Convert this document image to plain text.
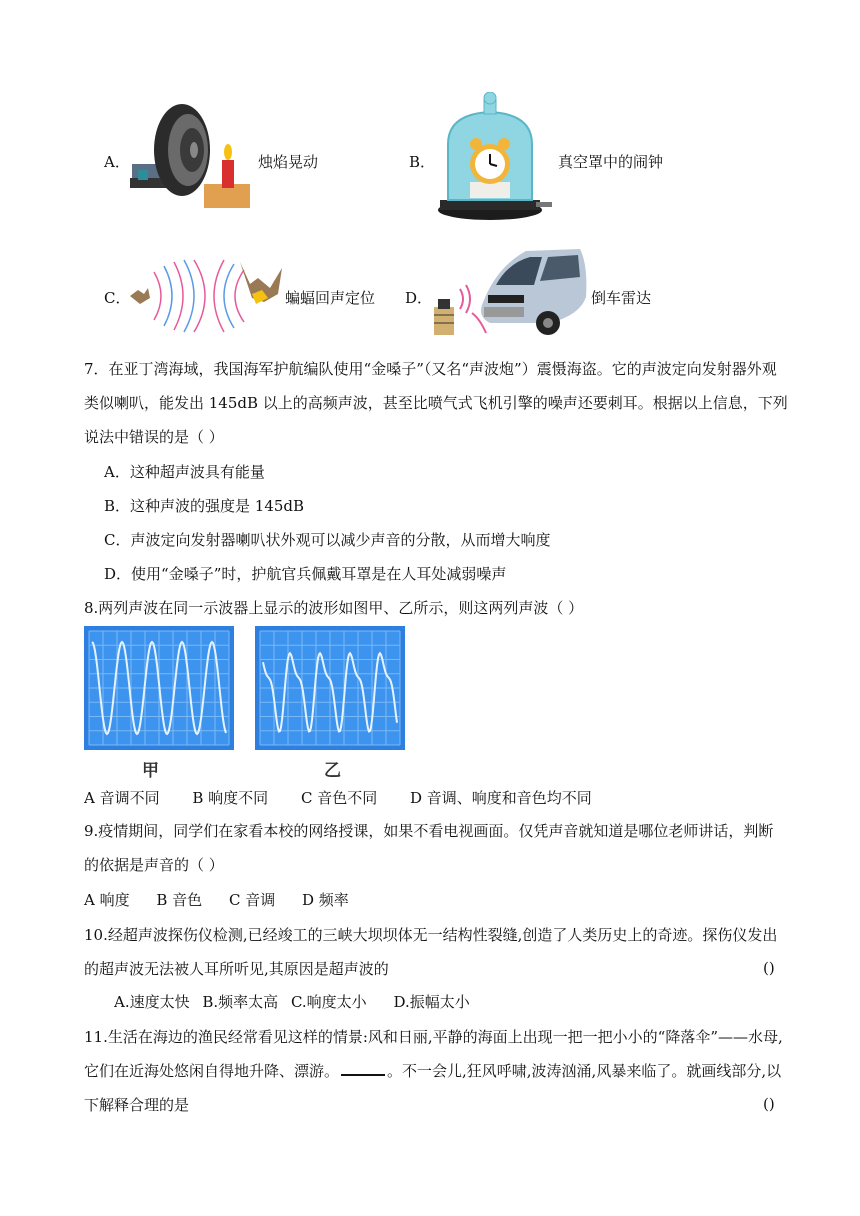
A．	烛焰晃动	B．	真空罩中的闹钟
C．	蝙蝠回声定位 D．	倒车雷达
7．在亚丁湾海域，我国海军护航编队使用“金嗓子”（又名“声波炮”）震慑海盗。它的声波定向发射器外观
类似喇叭，能发出 145dB 以上的高频声波，甚至比喷气式飞机引擎的噪声还要刺耳。根据以上信息，下列
说法中错误的是（ ）
A．这种超声波具有能量
B．这种声波的强度是 145dB
C．声波定向发射器喇叭状外观可以减少声音的分散，从而增大响度
D．使用“金嗓子”时，护航官兵佩戴耳罩是在人耳处减弱噪声
8.两列声波在同一示波器上显示的波形如图甲、乙所示，则这两列声波（ ）
甲	乙
A 音调不同 B 响度不同 C 音色不同 D 音调、响度和音色均不同
9.疫情期间，同学们在家看本校的网络授课，如果不看电视画面。仅凭声音就知道是哪位老师讲话，判断
的依据是声音的（ ）
A 响度 B 音色 C 音调 D 频率
10.经超声波探伤仪检测,已经竣工的三峡大坝坝体无一结构性裂缝,创造了人类历史上的奇迹。探伤仪发出
的超声波无法被人耳所听见,其原因是超声波的	()
A.速度太快 B.频率太高 C.响度太小 D.振幅太小
11.生活在海边的渔民经常看见这样的情景:风和日丽,平静的海面上出现一把一把小小的“降落伞”——水母,
它们在近海处悠闲自得地升降、漂游。	。不一会儿,狂风呼啸,波涛汹涌,风暴来临了。就画线部分,以
下解释合理的是	()
